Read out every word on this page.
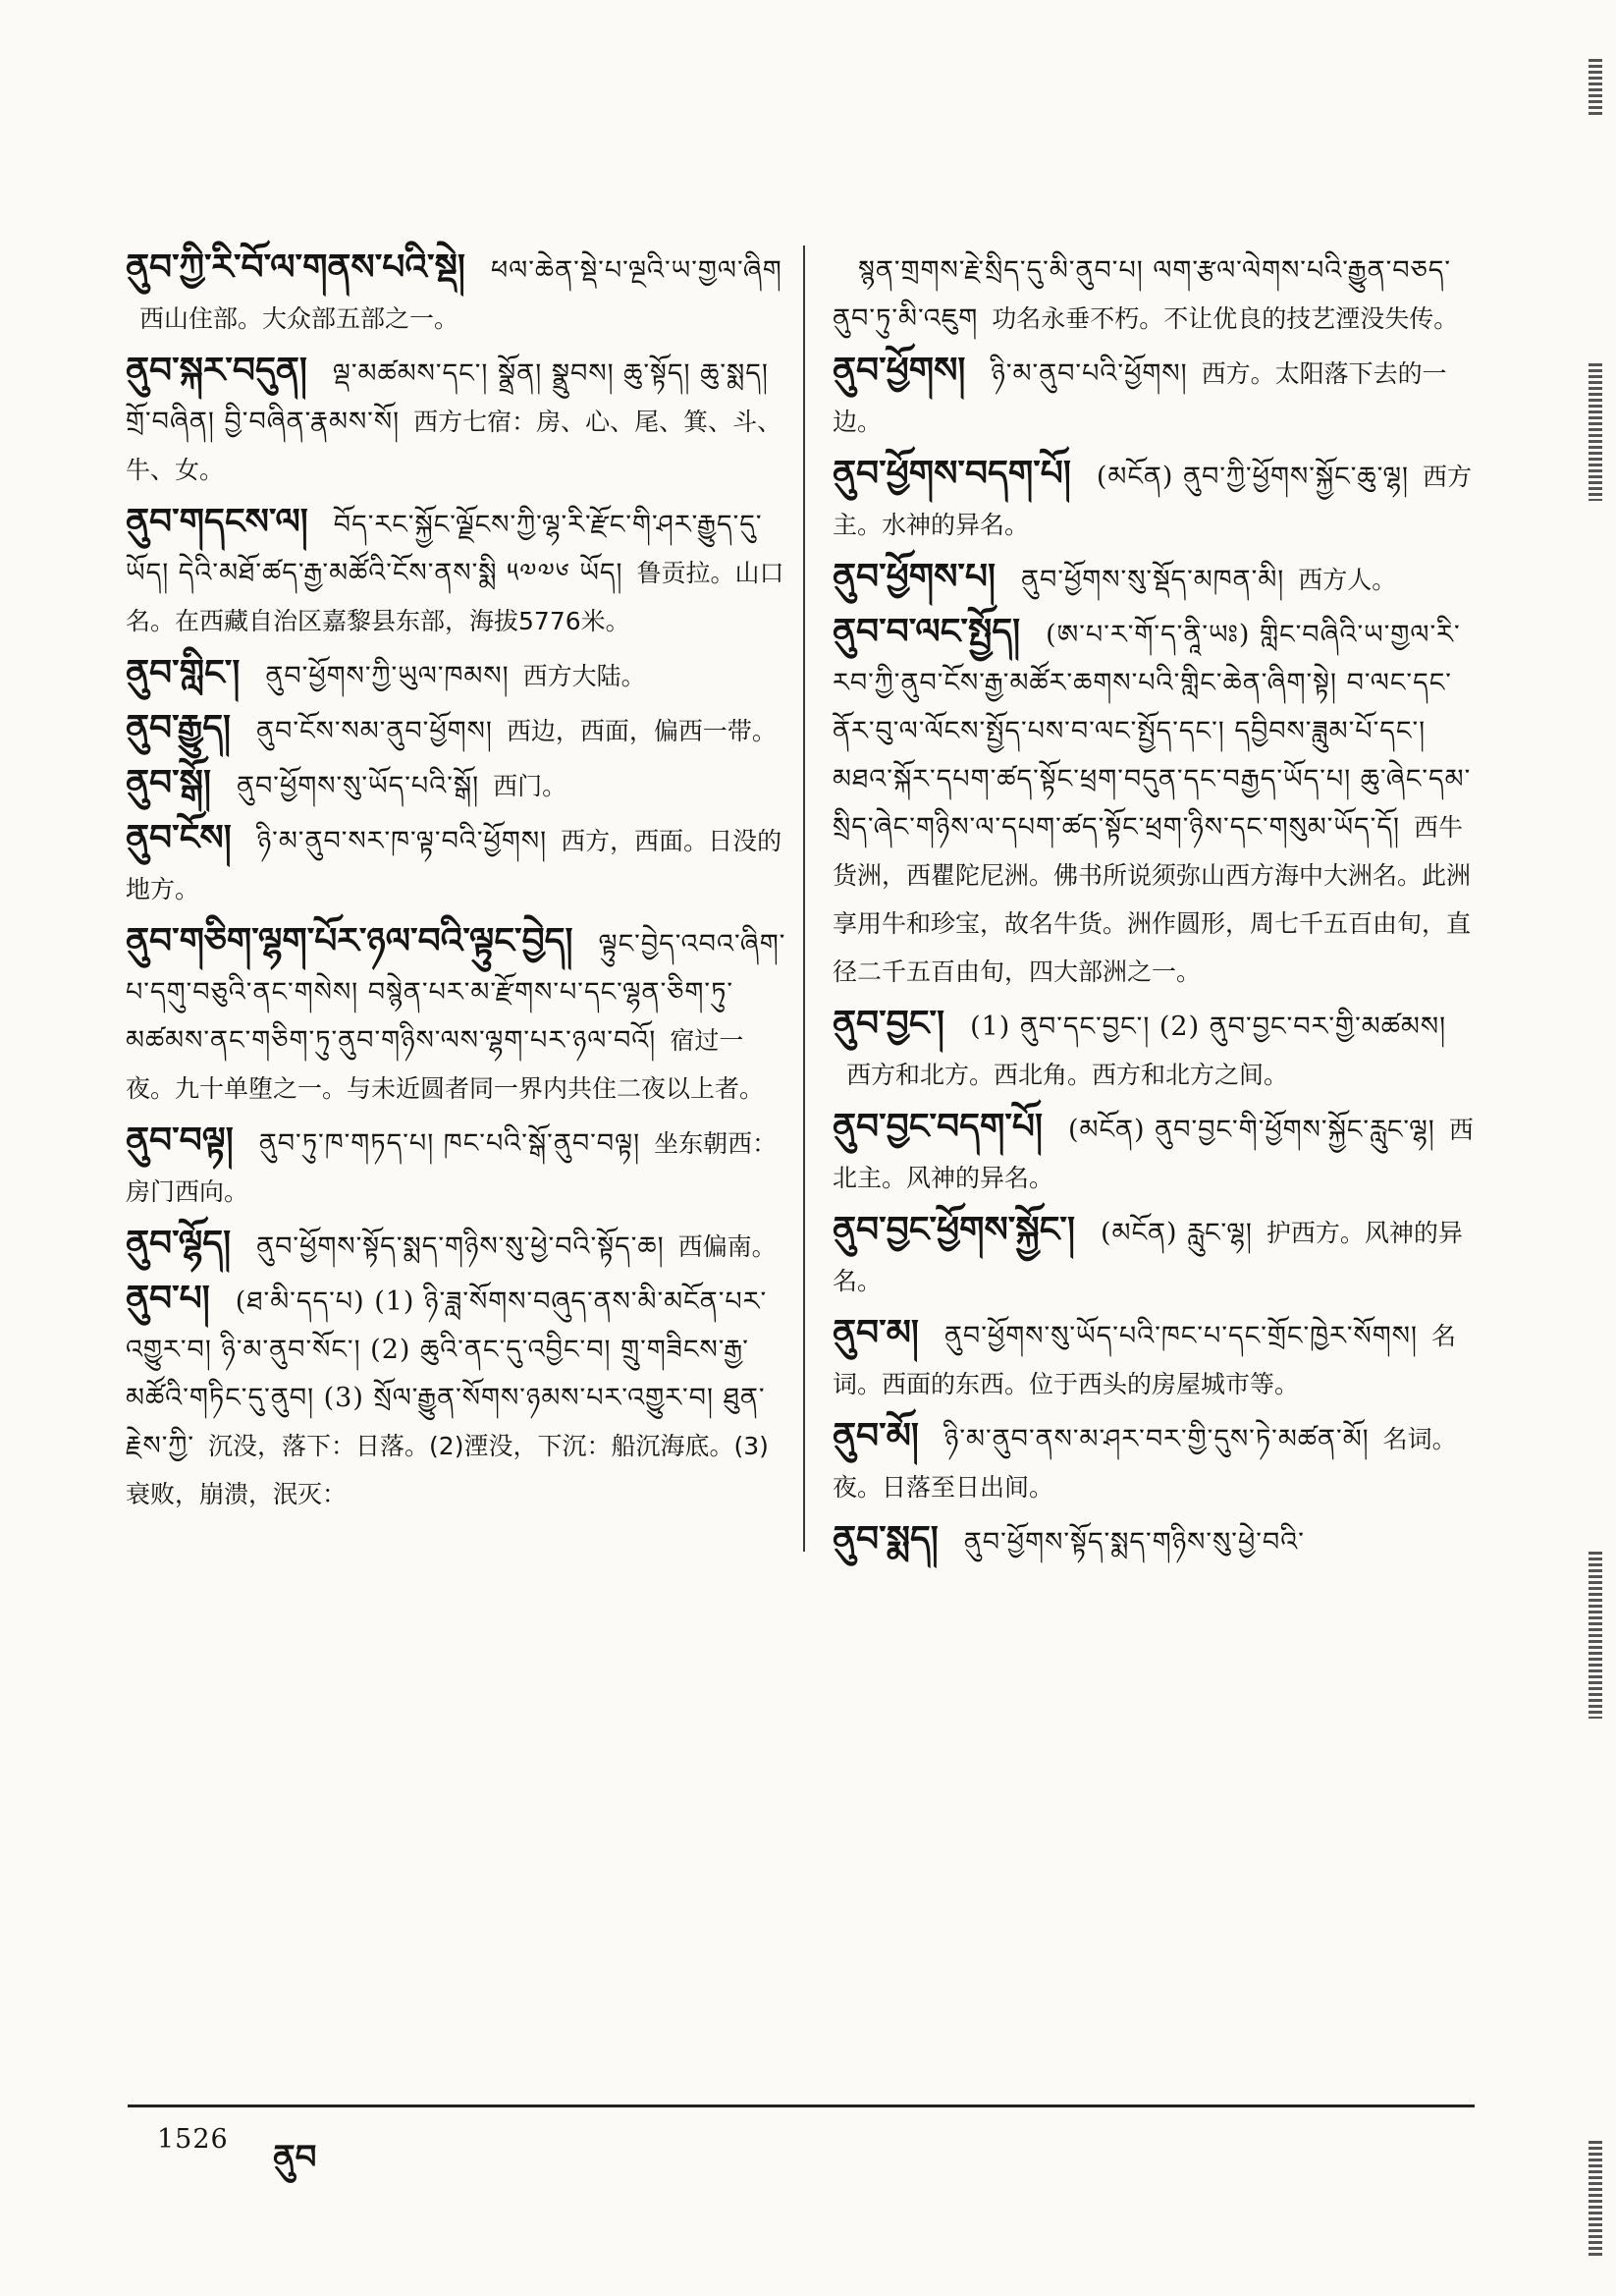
ནུབ་ཀྱི་རི་བོ་ལ་གནས་པའི་སྡེ། ཕལ་ཆེན་སྡེ་པ་ལྔའི་ཡ་གྱལ་ཞིག西山住部。大众部五部之一。
ནུབ་སྐར་བདུན། ལྡ་མཚམས་དང་། སྣྲོན། སྣྲུབས། ཆུ་སྟོད། ཆུ་སྨད། གྲོ་བཞིན། བྱི་བཞིན་རྣམས་སོ། 西方七宿：房、心、尾、箕、斗、牛、女。
ནུབ་གདངས་ལ། བོད་རང་སྐྱོང་ལྗོངས་ཀྱི་ལྷ་རི་རྫོང་གི་ཤར་རྒྱུད་དུ་ཡོད། དེའི་མཐོ་ཚད་རྒྱ་མཚོའི་ངོས་ནས་སྨི ༥༧༧༦ ཡོད། 鲁贡拉。山口名。在西藏自治区嘉黎县东部，海拔5776米。
ནུབ་གླིང་། ནུབ་ཕྱོགས་ཀྱི་ཡུལ་ཁམས། 西方大陆。
ནུབ་རྒྱུད། ནུབ་ངོས་སམ་ནུབ་ཕྱོགས། 西边，西面，偏西一带。
ནུབ་སྒོ། ནུབ་ཕྱོགས་སུ་ཡོད་པའི་སྒོ། 西门。
ནུབ་ངོས། ཉི་མ་ནུབ་སར་ཁ་ལྟ་བའི་ཕྱོགས། 西方，西面。日没的地方。
ནུབ་གཅིག་ལྷག་པོར་ཉལ་བའི་ལྟུང་བྱེད། ལྟུང་བྱེད་འབའ་ཞིག་པ་དགུ་བཅུའི་ནང་གསེས། བསྙེན་པར་མ་རྫོགས་པ་དང་ལྷན་ཅིག་ཏུ་མཚམས་ནང་གཅིག་ཏུ་ནུབ་གཉིས་ལས་ལྷག་པར་ཉལ་བའོ། 宿过一夜。九十单堕之一。与未近圆者同一界内共住二夜以上者。
ནུབ་བལྟ། ནུབ་ཏུ་ཁ་གཏད་པ། ཁང་པའི་སྒོ་ནུབ་བལྟ། 坐东朝西：房门西向。
ནུབ་ལྷོད། ནུབ་ཕྱོགས་སྟོད་སྨད་གཉིས་སུ་ཕྱེ་བའི་སྟོད་ཆ། 西偏南。
ནུབ་པ། (ཐ་མི་དད་པ) (1) ཉི་ཟླ་སོགས་བཞུད་ནས་མི་མངོན་པར་འགྱུར་བ། ཉི་མ་ནུབ་སོང་། (2) ཆུའི་ནང་དུ་འབྱིང་བ། གྲུ་གཟིངས་རྒྱ་མཚོའི་གཏིང་དུ་ནུབ། (3) སྲོལ་རྒྱུན་སོགས་ཉམས་པར་འགྱུར་བ། ཐུན་རྗེས་ཀྱི་ 沉没，落下：日落。(2)湮没，下沉：船沉海底。(3)衰败，崩溃，泯灭：
སྙན་གྲགས་རྗེ་སྲིད་དུ་མི་ནུབ་པ། ལག་རྩལ་ལེགས་པའི་རྒྱུན་བཅད་ནུབ་ཏུ་མི་འཇུག 功名永垂不朽。不让优良的技艺湮没失传。
ནུབ་ཕྱོགས། ཉི་མ་ནུབ་པའི་ཕྱོགས། 西方。太阳落下去的一边。
ནུབ་ཕྱོགས་བདག་པོ། (མངོན) ནུབ་ཀྱི་ཕྱོགས་སྐྱོང་ཆུ་ལྷ། 西方主。水神的异名。
ནུབ་ཕྱོགས་པ། ནུབ་ཕྱོགས་སུ་སྡོད་མཁན་མི། 西方人。
ནུབ་བ་ལང་སྤྱོད། (ཨ་པ་ར་གོ་ད་ནཱི་ཡཿ) གླིང་བཞིའི་ཡ་གྱལ་རི་རབ་ཀྱི་ནུབ་ངོས་རྒྱ་མཚོར་ཆགས་པའི་གླིང་ཆེན་ཞིག་སྟེ། བ་ལང་དང་ནོར་བུ་ལ་ལོངས་སྤྱོད་པས་བ་ལང་སྤྱོད་དང་། དབྱིབས་ཟླུམ་པོ་དང་། མཐའ་སྐོར་དཔག་ཚད་སྟོང་ཕྲག་བདུན་དང་བརྒྱད་ཡོད་པ། ཆུ་ཞེང་དམ་སྲིད་ཞེང་གཉིས་ལ་དཔག་ཚད་སྟོང་ཕྲག་ཉིས་དང་གསུམ་ཡོད་དོ། 西牛货洲，西瞿陀尼洲。佛书所说须弥山西方海中大洲名。此洲享用牛和珍宝，故名牛货。洲作圆形，周七千五百由旬，直径二千五百由旬，四大部洲之一。
ནུབ་བྱང་། (1) ནུབ་དང་བྱང་། (2) ནུབ་བྱང་བར་གྱི་མཚམས།西方和北方。西北角。西方和北方之间。
ནུབ་བྱང་བདག་པོ། (མངོན) ནུབ་བྱང་གི་ཕྱོགས་སྐྱོང་རླུང་ལྷ། 西北主。风神的异名。
ནུབ་བྱང་ཕྱོགས་སྐྱོང་། (མངོན) རླུང་ལྷ། 护西方。风神的异名。
ནུབ་མ། ནུབ་ཕྱོགས་སུ་ཡོད་པའི་ཁང་པ་དང་གྲོང་ཁྱེར་སོགས། 名词。西面的东西。位于西头的房屋城市等。
ནུབ་མོ། ཉི་མ་ནུབ་ནས་མ་ཤར་བར་གྱི་དུས་ཏེ་མཚན་མོ། 名词。夜。日落至日出间。
ནུབ་སྨད། ནུབ་ཕྱོགས་སྟོད་སྨད་གཉིས་སུ་ཕྱེ་བའི་
1526 ནུབ
